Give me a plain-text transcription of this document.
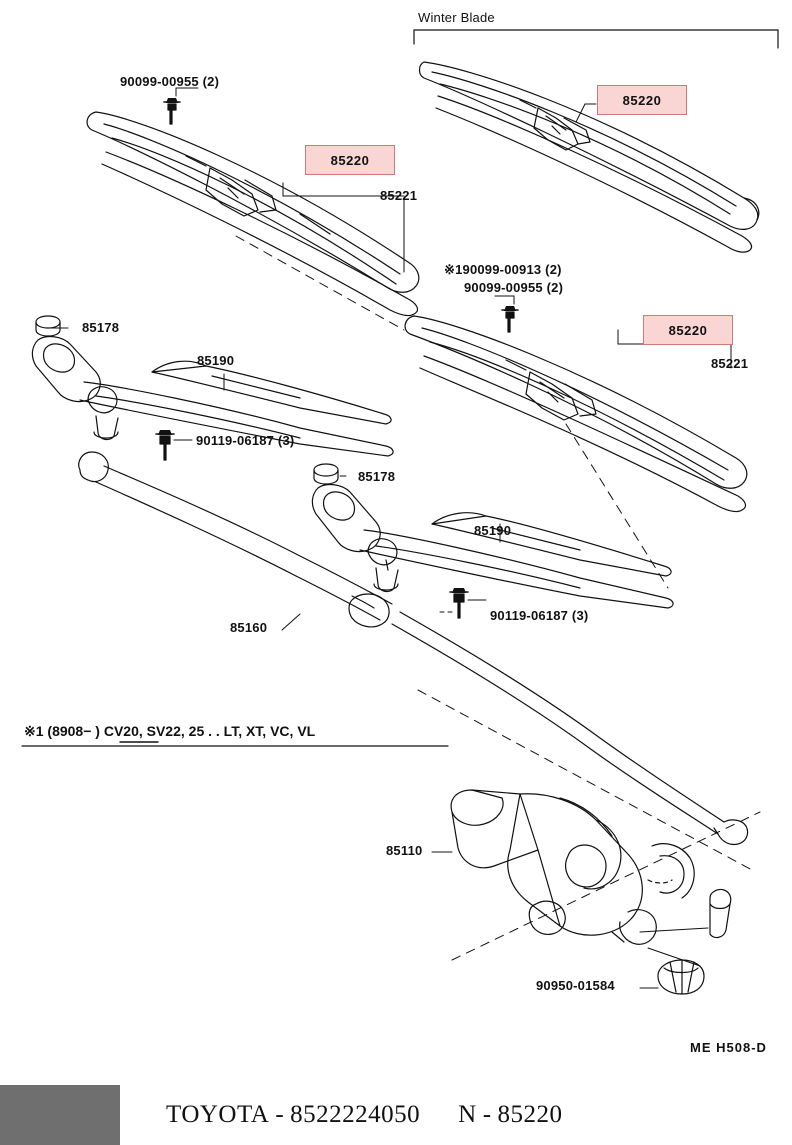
Winter Blade
90099-00955 (2)
85221
※190099-00913 (2)
90099-00955 (2)
85221
85178
85190
90119-06187 (3)
85178
85190
90119-06187 (3)
85160
85110
90950-01584
※1 (8908− ) CV20, SV22, 25 . . LT, XT, VC, VL
ME H508-D
85220
85220
85220
TOYOTA - 8522224050 N - 85220
